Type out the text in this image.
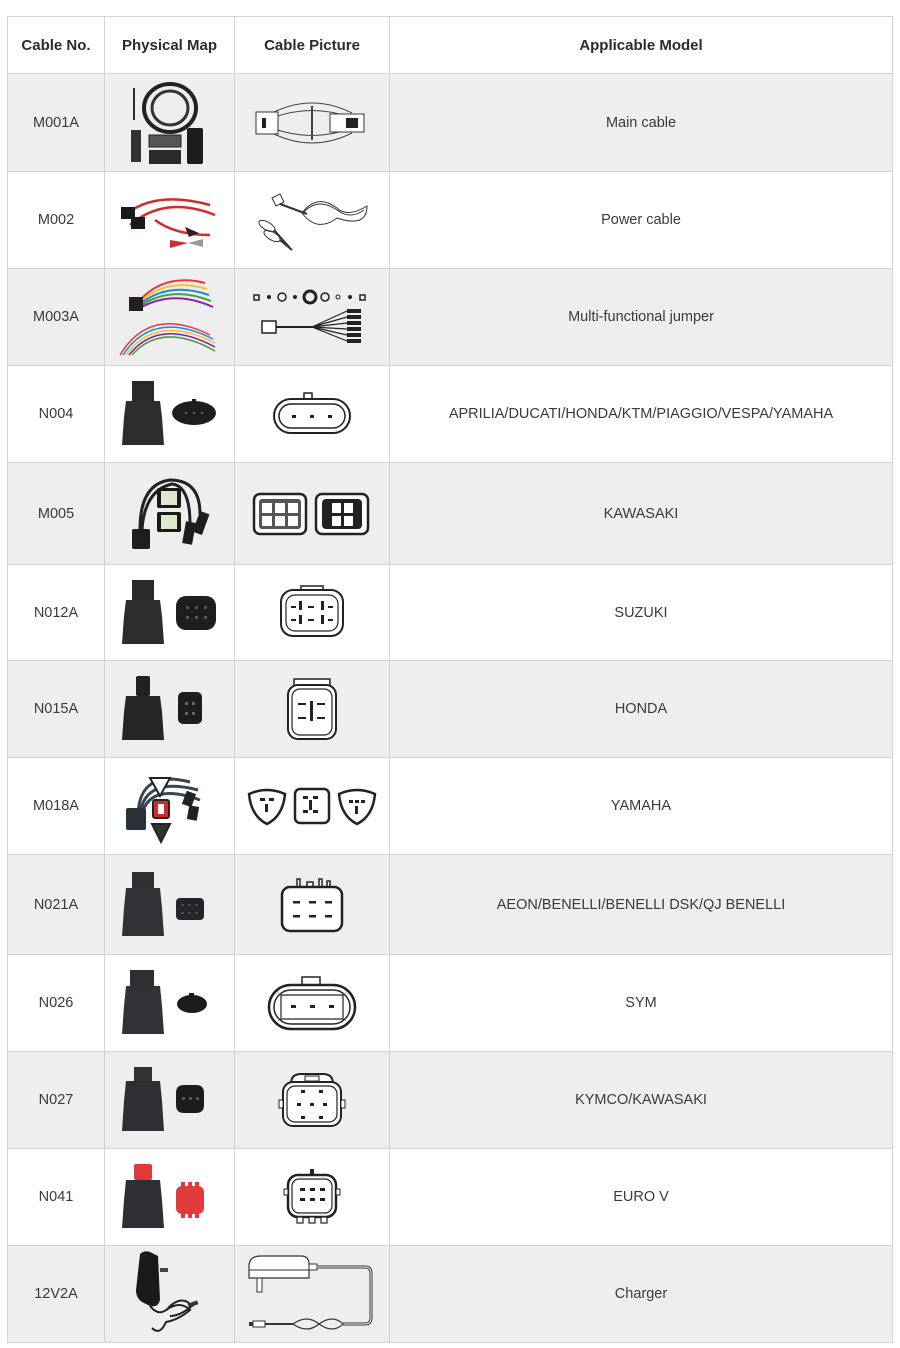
Cable No.	Physical Map	Cable Picture	Applicable Model
M001A			Main cable
M002			Power cable
M003A			Multi-functional jumper
N004			APRILIA/DUCATI/HONDA/KTM/PIAGGIO/VESPA/YAMAHA
M005			KAWASAKI
N012A			SUZUKI
N015A			HONDA
M018A			YAMAHA
N021A			AEON/BENELLI/BENELLI DSK/QJ BENELLI
N026			SYM
N027			KYMCO/KAWASAKI
N041			EURO V
12V2A			Charger
